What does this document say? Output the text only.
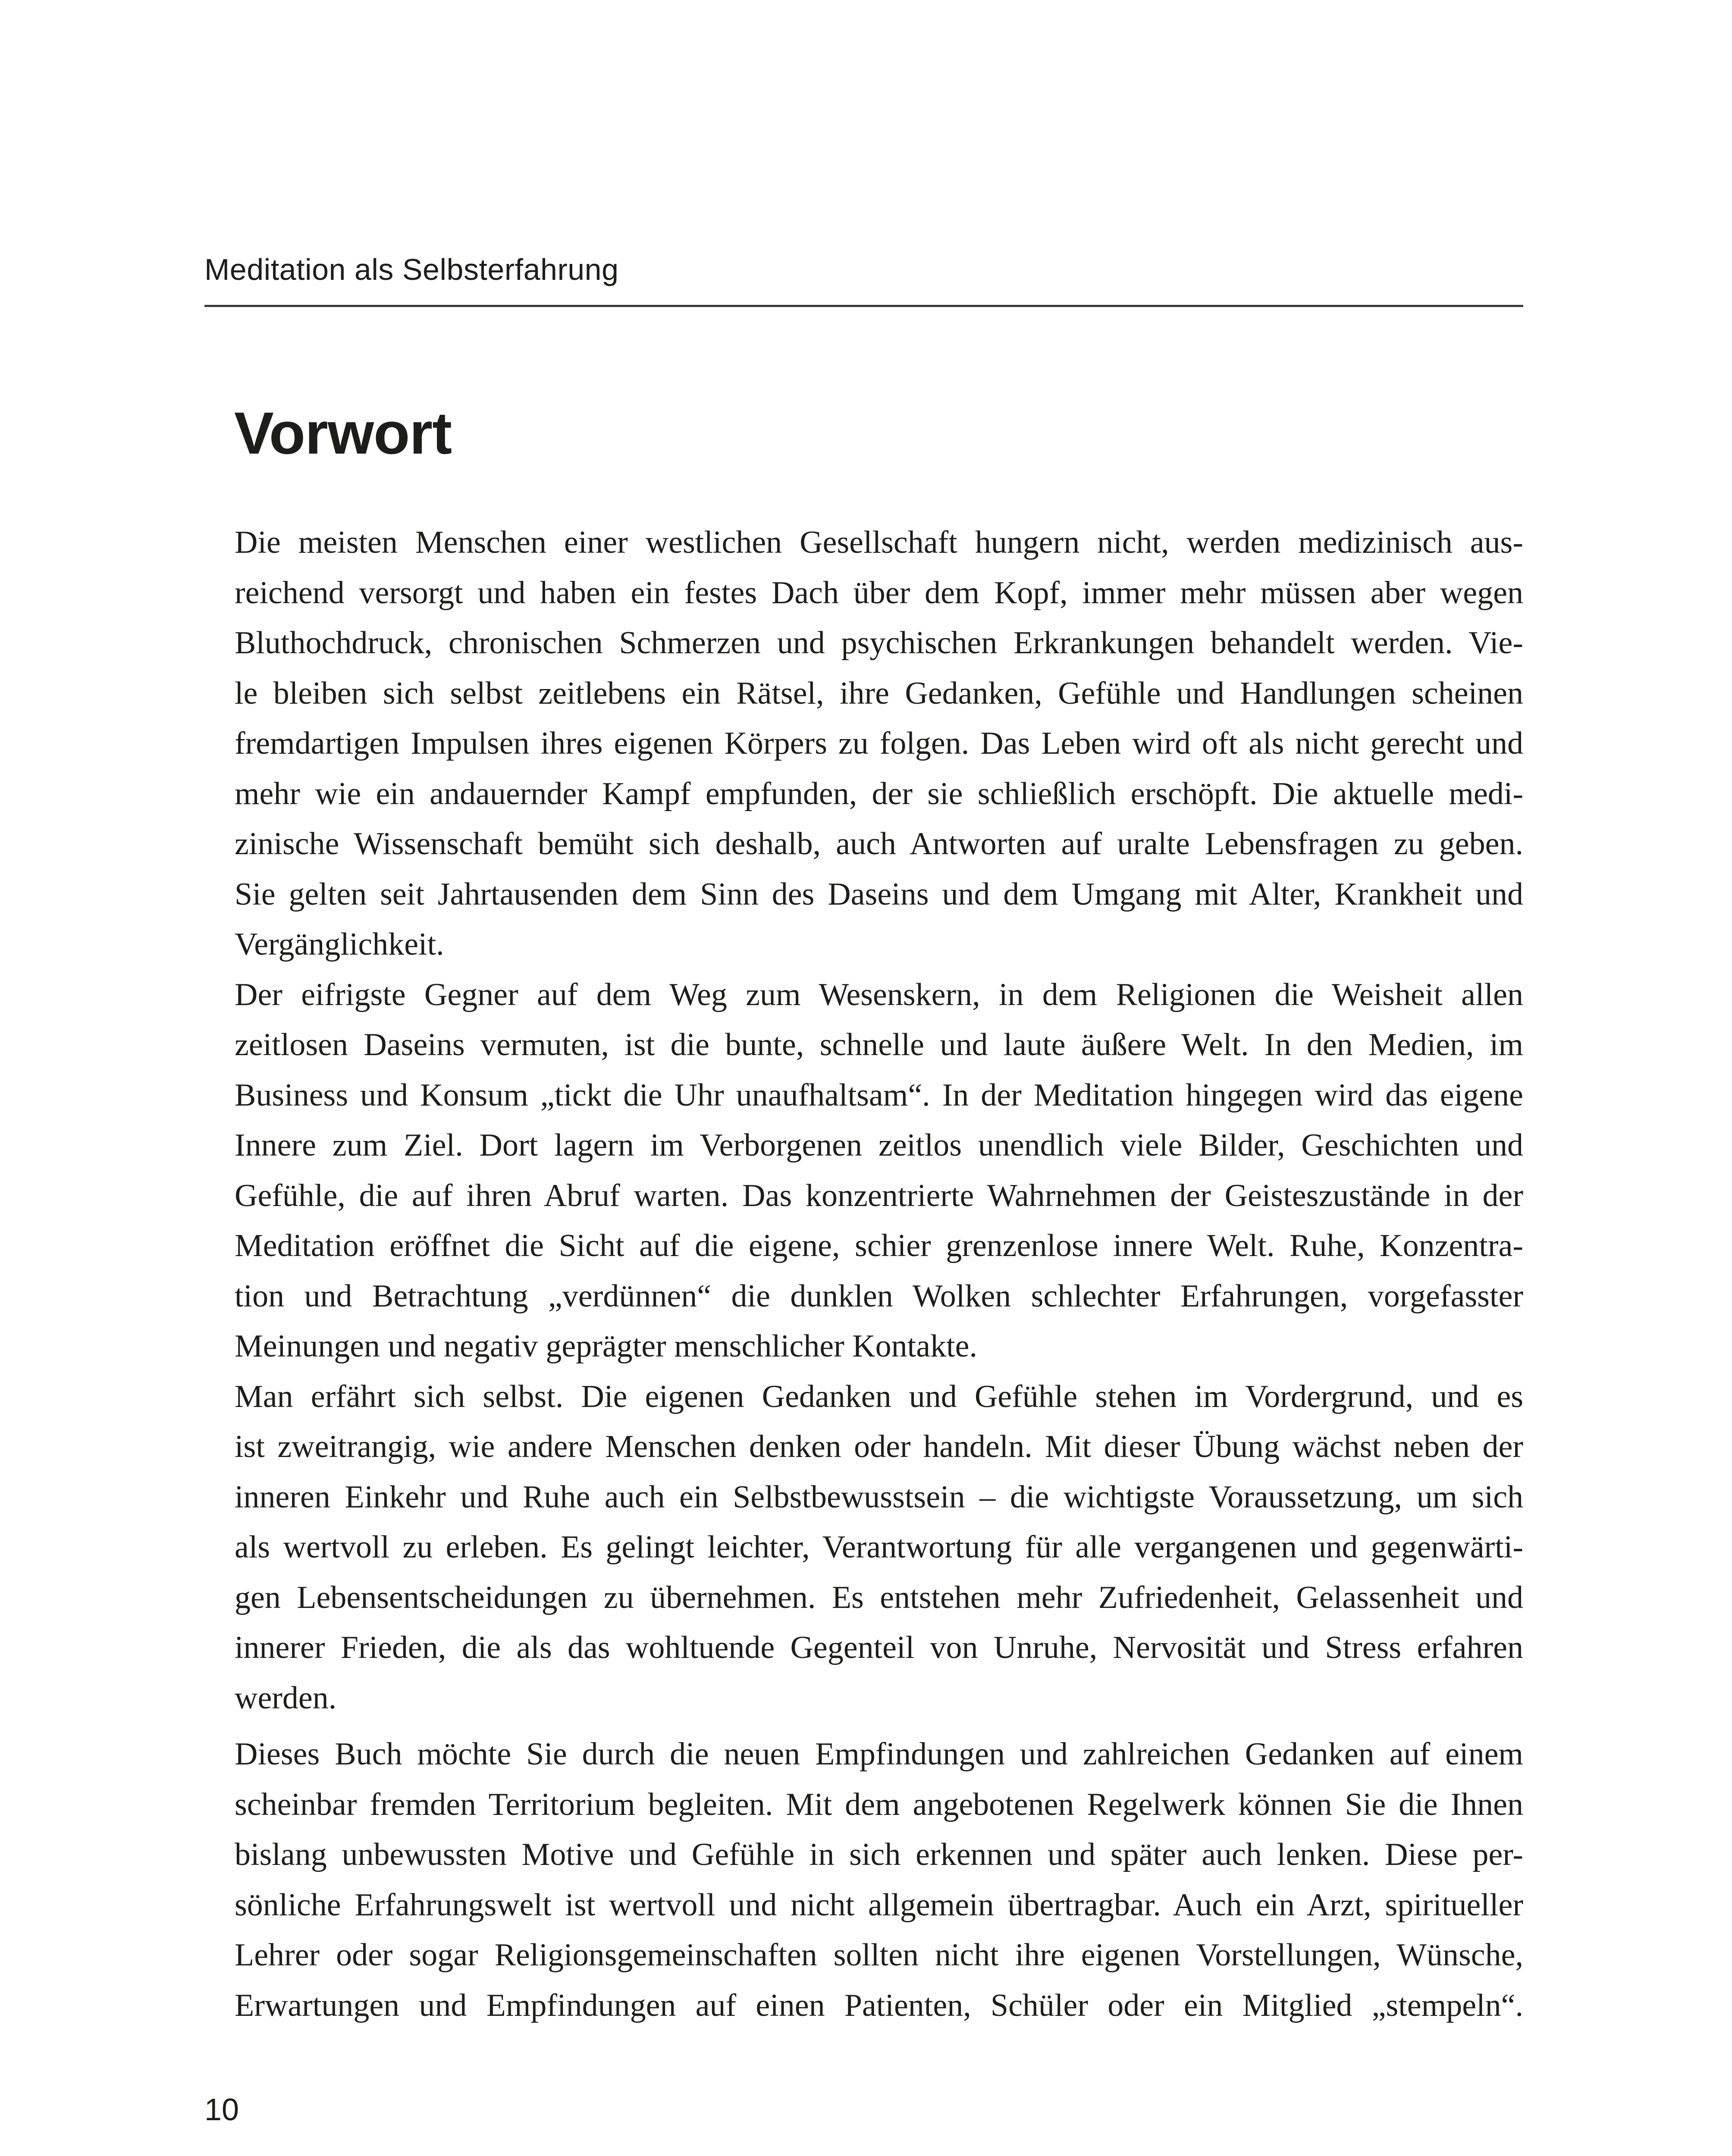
Meditation als Selbsterfahrung
Vorwort

Die meisten Menschen einer westlichen Gesellschaft hungern nicht, werden medizinisch aus-
reichend versorgt und haben ein festes Dach über dem Kopf, immer mehr müssen aber wegen
Bluthochdruck, chronischen Schmerzen und psychischen Erkrankungen behandelt werden. Vie-
le bleiben sich selbst zeitlebens ein Rätsel, ihre Gedanken, Gefühle und Handlungen scheinen
fremdartigen Impulsen ihres eigenen Körpers zu folgen. Das Leben wird oft als nicht gerecht und
mehr wie ein andauernder Kampf empfunden, der sie schließlich erschöpft. Die aktuelle medi-
zinische Wissenschaft bemüht sich deshalb, auch Antworten auf uralte Lebensfragen zu geben.
Sie gelten seit Jahrtausenden dem Sinn des Daseins und dem Umgang mit Alter, Krankheit und
Vergänglichkeit.

Der eifrigste Gegner auf dem Weg zum Wesenskern, in dem Religionen die Weisheit allen
zeitlosen Daseins vermuten, ist die bunte, schnelle und laute äußere Welt. In den Medien, im
Business und Konsum „tickt die Uhr unaufhaltsam“. In der Meditation hingegen wird das eigene
Innere zum Ziel. Dort lagern im Verborgenen zeitlos unendlich viele Bilder, Geschichten und
Gefühle, die auf ihren Abruf warten. Das konzentrierte Wahrnehmen der Geisteszustände in der
Meditation eröffnet die Sicht auf die eigene, schier grenzenlose innere Welt. Ruhe, Konzentra-
tion und Betrachtung „verdünnen“ die dunklen Wolken schlechter Erfahrungen, vorgefasster
Meinungen und negativ geprägter menschlicher Kontakte.

Man erfährt sich selbst. Die eigenen Gedanken und Gefühle stehen im Vordergrund, und es
ist zweitrangig, wie andere Menschen denken oder handeln. Mit dieser Übung wächst neben der
inneren Einkehr und Ruhe auch ein Selbstbewusstsein – die wichtigste Voraussetzung, um sich
als wertvoll zu erleben. Es gelingt leichter, Verantwortung für alle vergangenen und gegenwärti-
gen Lebensentscheidungen zu übernehmen. Es entstehen mehr Zufriedenheit, Gelassenheit und
innerer Frieden, die als das wohltuende Gegenteil von Unruhe, Nervosität und Stress erfahren
werden.

Dieses Buch möchte Sie durch die neuen Empfindungen und zahlreichen Gedanken auf einem
scheinbar fremden Territorium begleiten. Mit dem angebotenen Regelwerk können Sie die Ihnen
bislang unbewussten Motive und Gefühle in sich erkennen und später auch lenken. Diese per-
sönliche Erfahrungswelt ist wertvoll und nicht allgemein übertragbar. Auch ein Arzt, spiritueller
Lehrer oder sogar Religionsgemeinschaften sollten nicht ihre eigenen Vorstellungen, Wünsche,
Erwartungen und Empfindungen auf einen Patienten, Schüler oder ein Mitglied „stempeln“.

10
